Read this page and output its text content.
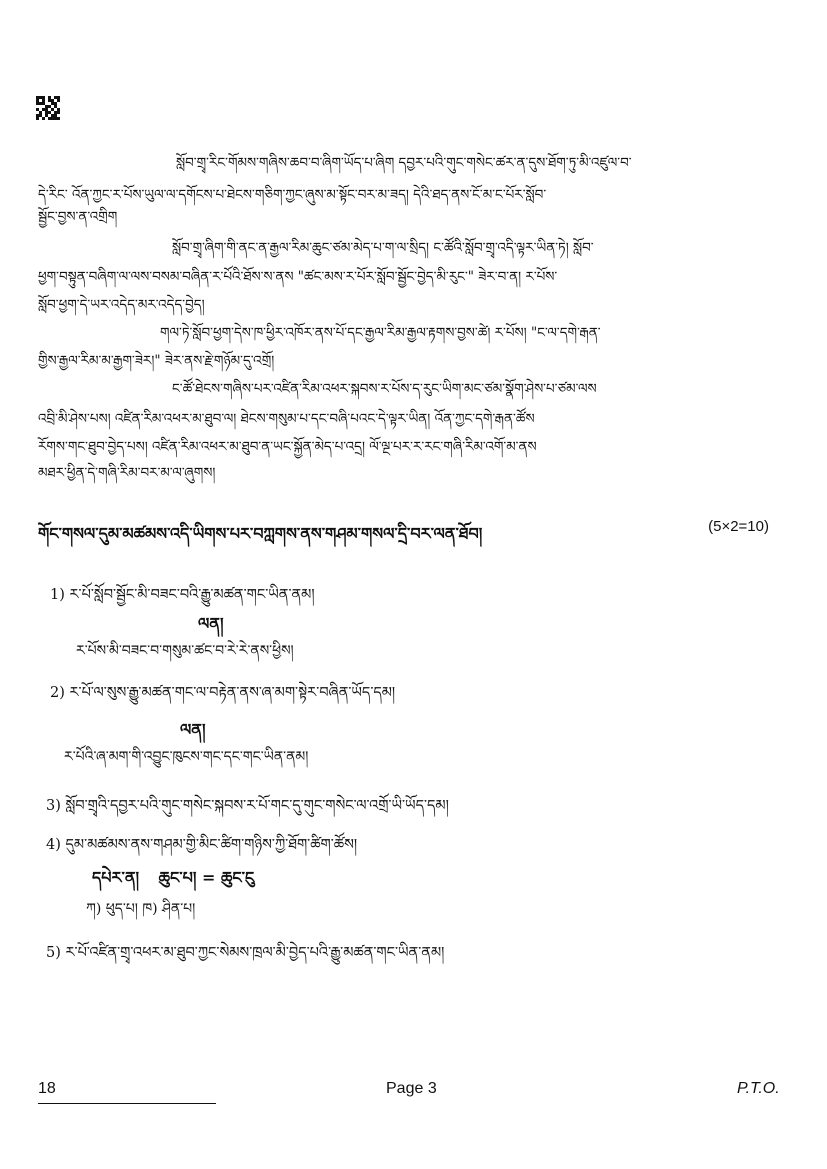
སློབ་གྲྭ་རིང་གོམས་གཞིས་ཆབ་བ་ཞིག་ཡོད་པ་ཞིག དབྱར་པའི་གུང་གསེང་ཚར་ན་དུས་ཐོག་ཏུ་མི་འཛུལ་བ་
དེ་རིང་ འོན་ཀྱང་ར་པོས་ཡུལ་ལ་དགོངས་པ་ཐེངས་གཅིག་ཀྱང་ཞུས་མ་སྟོང་བར་མ་ཟད། དེའི་ཐད་ནས་ངོ་མ་ང་པོར་སློབ་
སྦྱོང་བྱས་ན་འགྲིག
སློབ་གྲྭ་ཞིག་གི་ནང་ན་རྒྱལ་རིམ་ཆུང་ཙམ་མེད་པ་ག་ལ་སྲིད། ང་ཚོའི་སློབ་གྲྭ་འདི་ལྟར་ཡིན་ཏེ། སློབ་
ཕྱག་བསྟུན་བཞིག་ལ་ལས་བསམ་བཞིན་ར་པོའི་ཐོས་ས་ནས "ཚང་མས་ར་པོར་སློབ་སྦྱོང་བྱེད་མི་རུང་" ཟེར་བ་ན། ར་པོས་
སློབ་ཕྱག་དེ་ཡར་འདེད་མར་འདེད་བྱེད།
གལ་ཏེ་སློབ་ཕྱག་དེས་ཁ་ཕྱིར་འཁོར་ནས་པོ་དང་རྒྱལ་རིམ་རྒྱལ་རྟགས་བྱས་ཚེ། ར་པོས། "ང་ལ་དགེ་རྒན་
གྱིས་རྒྱལ་རིམ་མ་རྒྱག་ཟེར།" ཟེར་ནས་རྗེ་གཉོམ་དུ་འགྲོ།
ང་ཚོ་ཐེངས་གཞིས་པར་འཛིན་རིམ་འཕར་སྐབས་ར་པོས་ད་རུང་ཡིག་མང་ཙམ་སྣོག་ཤེས་པ་ཙམ་ལས
འབྲི་མི་ཤེས་པས། འཛིན་རིམ་འཕར་མ་ཐུབ་ལ། ཐེངས་གསུམ་པ་དང་བཞི་པའང་དེ་ལྟར་ཡིན། འོན་ཀྱང་དགེ་རྒན་ཚོས
རོགས་གང་ཐུབ་བྱེད་པས། འཛིན་རིམ་འཕར་མ་ཐུབ་ན་ཡང་སྐྱོན་མེད་པ་འདྲ། ལོ་ལྔ་པར་ར་རང་གཞི་རིམ་འགོ་མ་ནས
མཐར་ཕྱིན་དེ་གཞི་རིམ་བར་མ་ལ་ཞུགས།
གོང་གསལ་དུམ་མཚམས་འདི་ཡིགས་པར་བཀླགས་ནས་གཤམ་གསལ་དྲི་བར་ལན་ཐོབ།	(5×2=10)
1) ར་པོ་སློབ་སྦྱོང་མི་བཟང་བའི་རྒྱུ་མཚན་གང་ཡིན་ནམ།
ལན།
ར་པོས་མི་བཟང་བ་གསུམ་ཚང་བ་རེ་རེ་ནས་ཕྱིས།
2) ར་པོ་ལ་སུས་རྒྱུ་མཚན་གང་ལ་བརྟེན་ནས་ཞ་མག་སྟེར་བཞིན་ཡོད་དམ།
ལན།
ར་པོའི་ཞ་མག་གི་འབྱུང་ཁུངས་གང་དང་གང་ཡིན་ནམ།
3) སློབ་གྲྭའི་དབྱར་པའི་གུང་གསེང་སྐབས་ར་པོ་གང་དུ་གུང་གསེང་ལ་འགྲོ་ཡི་ཡོད་དམ།
4) དུམ་མཚམས་ནས་གཤམ་གྱི་མིང་ཚིག་གཉིས་ཀྱི་ཐོག་ཚིག་ཚོས།
དཔེར་ན། ཆུང་པ། = ཆུང་ངུ
ཀ) ཕུད་པ། ཁ) ཤིན་པ།
5) ར་པོ་འཛིན་གྲྭ་འཕར་མ་ཐུབ་ཀྱང་སེམས་ཁྲལ་མི་བྱེད་པའི་རྒྱུ་མཚན་གང་ཡིན་ནམ།
18	Page 3	P.T.O.
